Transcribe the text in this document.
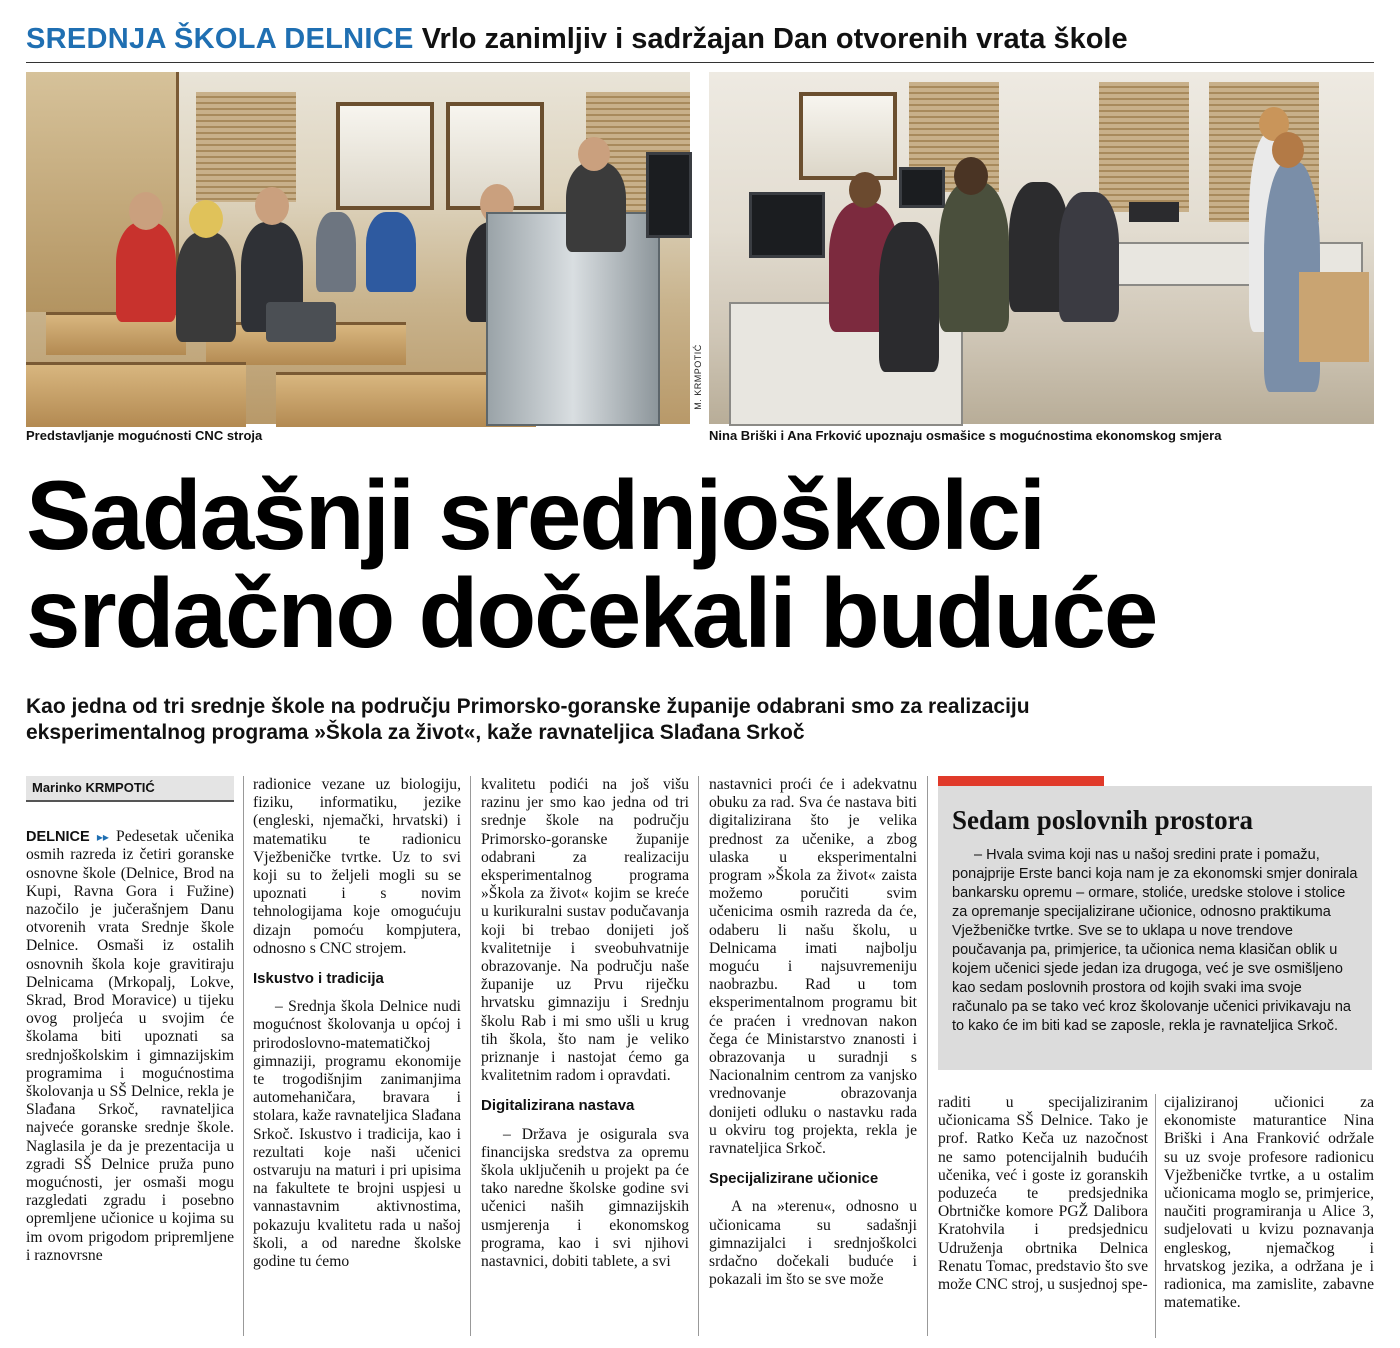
SREDNJA ŠKOLA DELNICE Vrlo zanimljiv i sadržajan Dan otvorenih vrata škole
M. KRMPOTIĆ
Predstavljanje mogućnosti CNC stroja	Nina Briški i Ana Frković upoznaju osmašice s mogućnostima ekonomskog smjera
Sadašnji srednjoškolci
srdačno dočekali buduće

Kao jedna od tri srednje škole na području Primorsko-goranske županije odabrani smo za realizaciju
eksperimentalnog programa »Škola za život«, kaže ravnateljica Slađana Srkoč

Marinko KRMPOTIĆ

DELNICE ▸▸ Pedesetak učenika osmih razreda iz četiri goranske osnovne škole (Delnice, Brod na Kupi, Ravna Gora i Fužine) nazočilo je jučerašnjem Danu otvorenih vrata Srednje škole Delnice. Osmaši iz ostalih osnovnih škola koje gravitiraju Delnicama (Mrkopalj, Lokve, Skrad, Brod Moravice) u tijeku ovog proljeća u svojim će školama biti upoznati sa srednjoškolskim i gimnazijskim programima i mogućnostima školovanja u SŠ Delnice, rekla je Slađana Srkoč, ravnateljica najveće goranske srednje škole. Naglasila je da je prezentacija u zgradi SŠ Delnice pruža puno mogućnosti, jer osmaši mogu razgledati zgradu i posebno opremljene učionice u kojima su im ovom prigodom pripremljene i raznovrsne

radionice vezane uz biologiju, fiziku, informatiku, jezike (engleski, njemački, hrvatski) i matematiku te radionicu Vježbeničke tvrtke. Uz to svi koji su to željeli mogli su se upoznati i s novim tehnologijama koje omogućuju dizajn pomoću kompjutera, odnosno s CNC strojem.

Iskustvo i tradicija

– Srednja škola Delnice nudi mogućnost školovanja u općoj i prirodoslovno-matematičkoj gimnaziji, programu ekonomije te trogodišnjim zanimanjima automehaničara, bravara i stolara, kaže ravnateljica Slađana Srkoč. Iskustvo i tradicija, kao i rezultati koje naši učenici ostvaruju na maturi i pri upisima na fakultete te brojni uspjesi u vannastavnim aktivnostima, pokazuju kvalitetu rada u našoj školi, a od naredne školske godine tu ćemo

kvalitetu podići na još višu razinu jer smo kao jedna od tri srednje škole na području Primorsko-goranske županije odabrani za realizaciju eksperimentalnog programa »Škola za život« kojim se kreće u kurikuralni sustav podučavanja koji bi trebao donijeti još kvalitetnije i sveobuhvatnije obrazovanje. Na području naše županije uz Prvu riječku hrvatsku gimnaziju i Srednju školu Rab i mi smo ušli u krug tih škola, što nam je veliko priznanje i nastojat ćemo ga kvalitetnim radom i opravdati.

Digitalizirana nastava

– Država je osigurala sva financijska sredstva za opremu škola uključenih u projekt pa će tako naredne školske godine svi učenici naših gimnazijskih usmjerenja i ekonomskog programa, kao i svi njihovi nastavnici, dobiti tablete, a svi

nastavnici proći će i adekvatnu obuku za rad. Sva će nastava biti digitalizirana što je velika prednost za učenike, a zbog ulaska u eksperimentalni program »Škola za život« zaista možemo poručiti svim učenicima osmih razreda da će, odaberu li našu školu, u Delnicama imati najbolju moguću i najsuvremeniju naobrazbu. Rad u tom eksperimentalnom programu bit će praćen i vrednovan nakon čega će Ministarstvo znanosti i obrazovanja u suradnji s Nacionalnim centrom za vanjsko vrednovanje obrazovanja donijeti odluku o nastavku rada u okviru tog projekta, rekla je ravnateljica Srkoč.

Specijalizirane učionice

A na »terenu«, odnosno u učionicama su sadašnji gimnazijalci i srednjoškolci srdačno dočekali buduće i pokazali im što se sve može

Sedam poslovnih prostora

– Hvala svima koji nas u našoj sredini prate i pomažu, ponajprije Erste banci koja nam je za ekonomski smjer donirala bankarsku opremu – ormare, stoliće, uredske stolove i stolice za opremanje specijalizirane učionice, odnosno praktikuma Vježbeničke tvrtke. Sve se to uklapa u nove trendove poučavanja pa, primjerice, ta učionica nema klasičan oblik u kojem učenici sjede jedan iza drugoga, već je sve osmišljeno kao sedam poslovnih prostora od kojih svaki ima svoje računalo pa se tako već kroz školovanje učenici privikavaju na to kako će im biti kad se zaposle, rekla je ravnateljica Srkoč.

raditi u specijaliziranim učionicama SŠ Delnice. Tako je prof. Ratko Keča uz nazočnost ne samo potencijalnih budućih učenika, već i goste iz goranskih poduzeća te predsjednika Obrtničke komore PGŽ Dalibora Kratohvila i predsjednicu Udruženja obrtnika Delnica Renatu Tomac, predstavio što sve može CNC stroj, u susjednoj spe-

cijaliziranoj učionici za ekonomiste maturantice Nina Briški i Ana Franković održale su uz svoje profesore radionicu Vježbeničke tvrtke, a u ostalim učionicama moglo se, primjerice, naučiti programiranja u Alice 3, sudjelovati u kvizu poznavanja engleskog, njemačkog i hrvatskog jezika, a održana je i radionica, ma zamislite, zabavne matematike.
